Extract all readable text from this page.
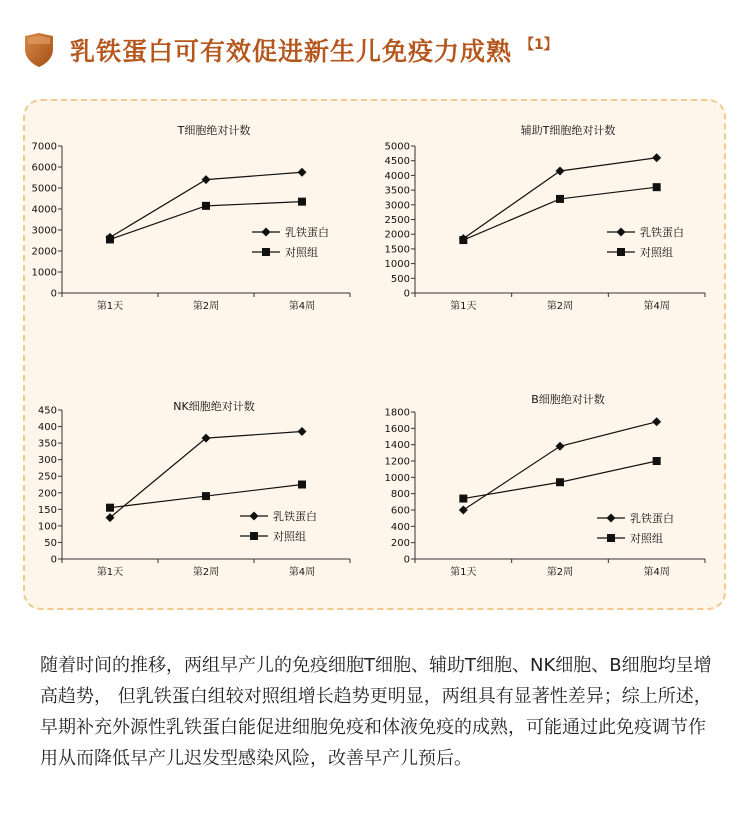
乳铁蛋白可有效促进新生儿免疫力成熟 【1】
T细胞绝对计数
0
1000
2000
3000
4000
5000
6000
7000
第1天	第2周	第4周
乳铁蛋白
对照组
辅助T细胞绝对计数
0
500
1000
1500
2000
2500
3000
3500
4000
4500
5000
第1天	第2周	第4周
乳铁蛋白
对照组
NK细胞绝对计数
0
50
100
150
200
250
300
350
400
450
第1天	第2周	第4周
乳铁蛋白
对照组
B细胞绝对计数
0
200
400
600
800
1000
1200
1400
1600
1800
第1天	第2周	第4周
乳铁蛋白
对照组
随着时间的推移，两组早产儿的免疫细胞T细胞、辅助T细胞、NK细胞、B细胞均呈增高趋势， 但乳铁蛋白组较对照组增长趋势更明显，两组具有显著性差异；综上所述，早期补充外源性乳铁蛋白能促进细胞免疫和体液免疫的成熟，可能通过此免疫调节作用从而降低早产儿迟发型感染风险，改善早产儿预后。
